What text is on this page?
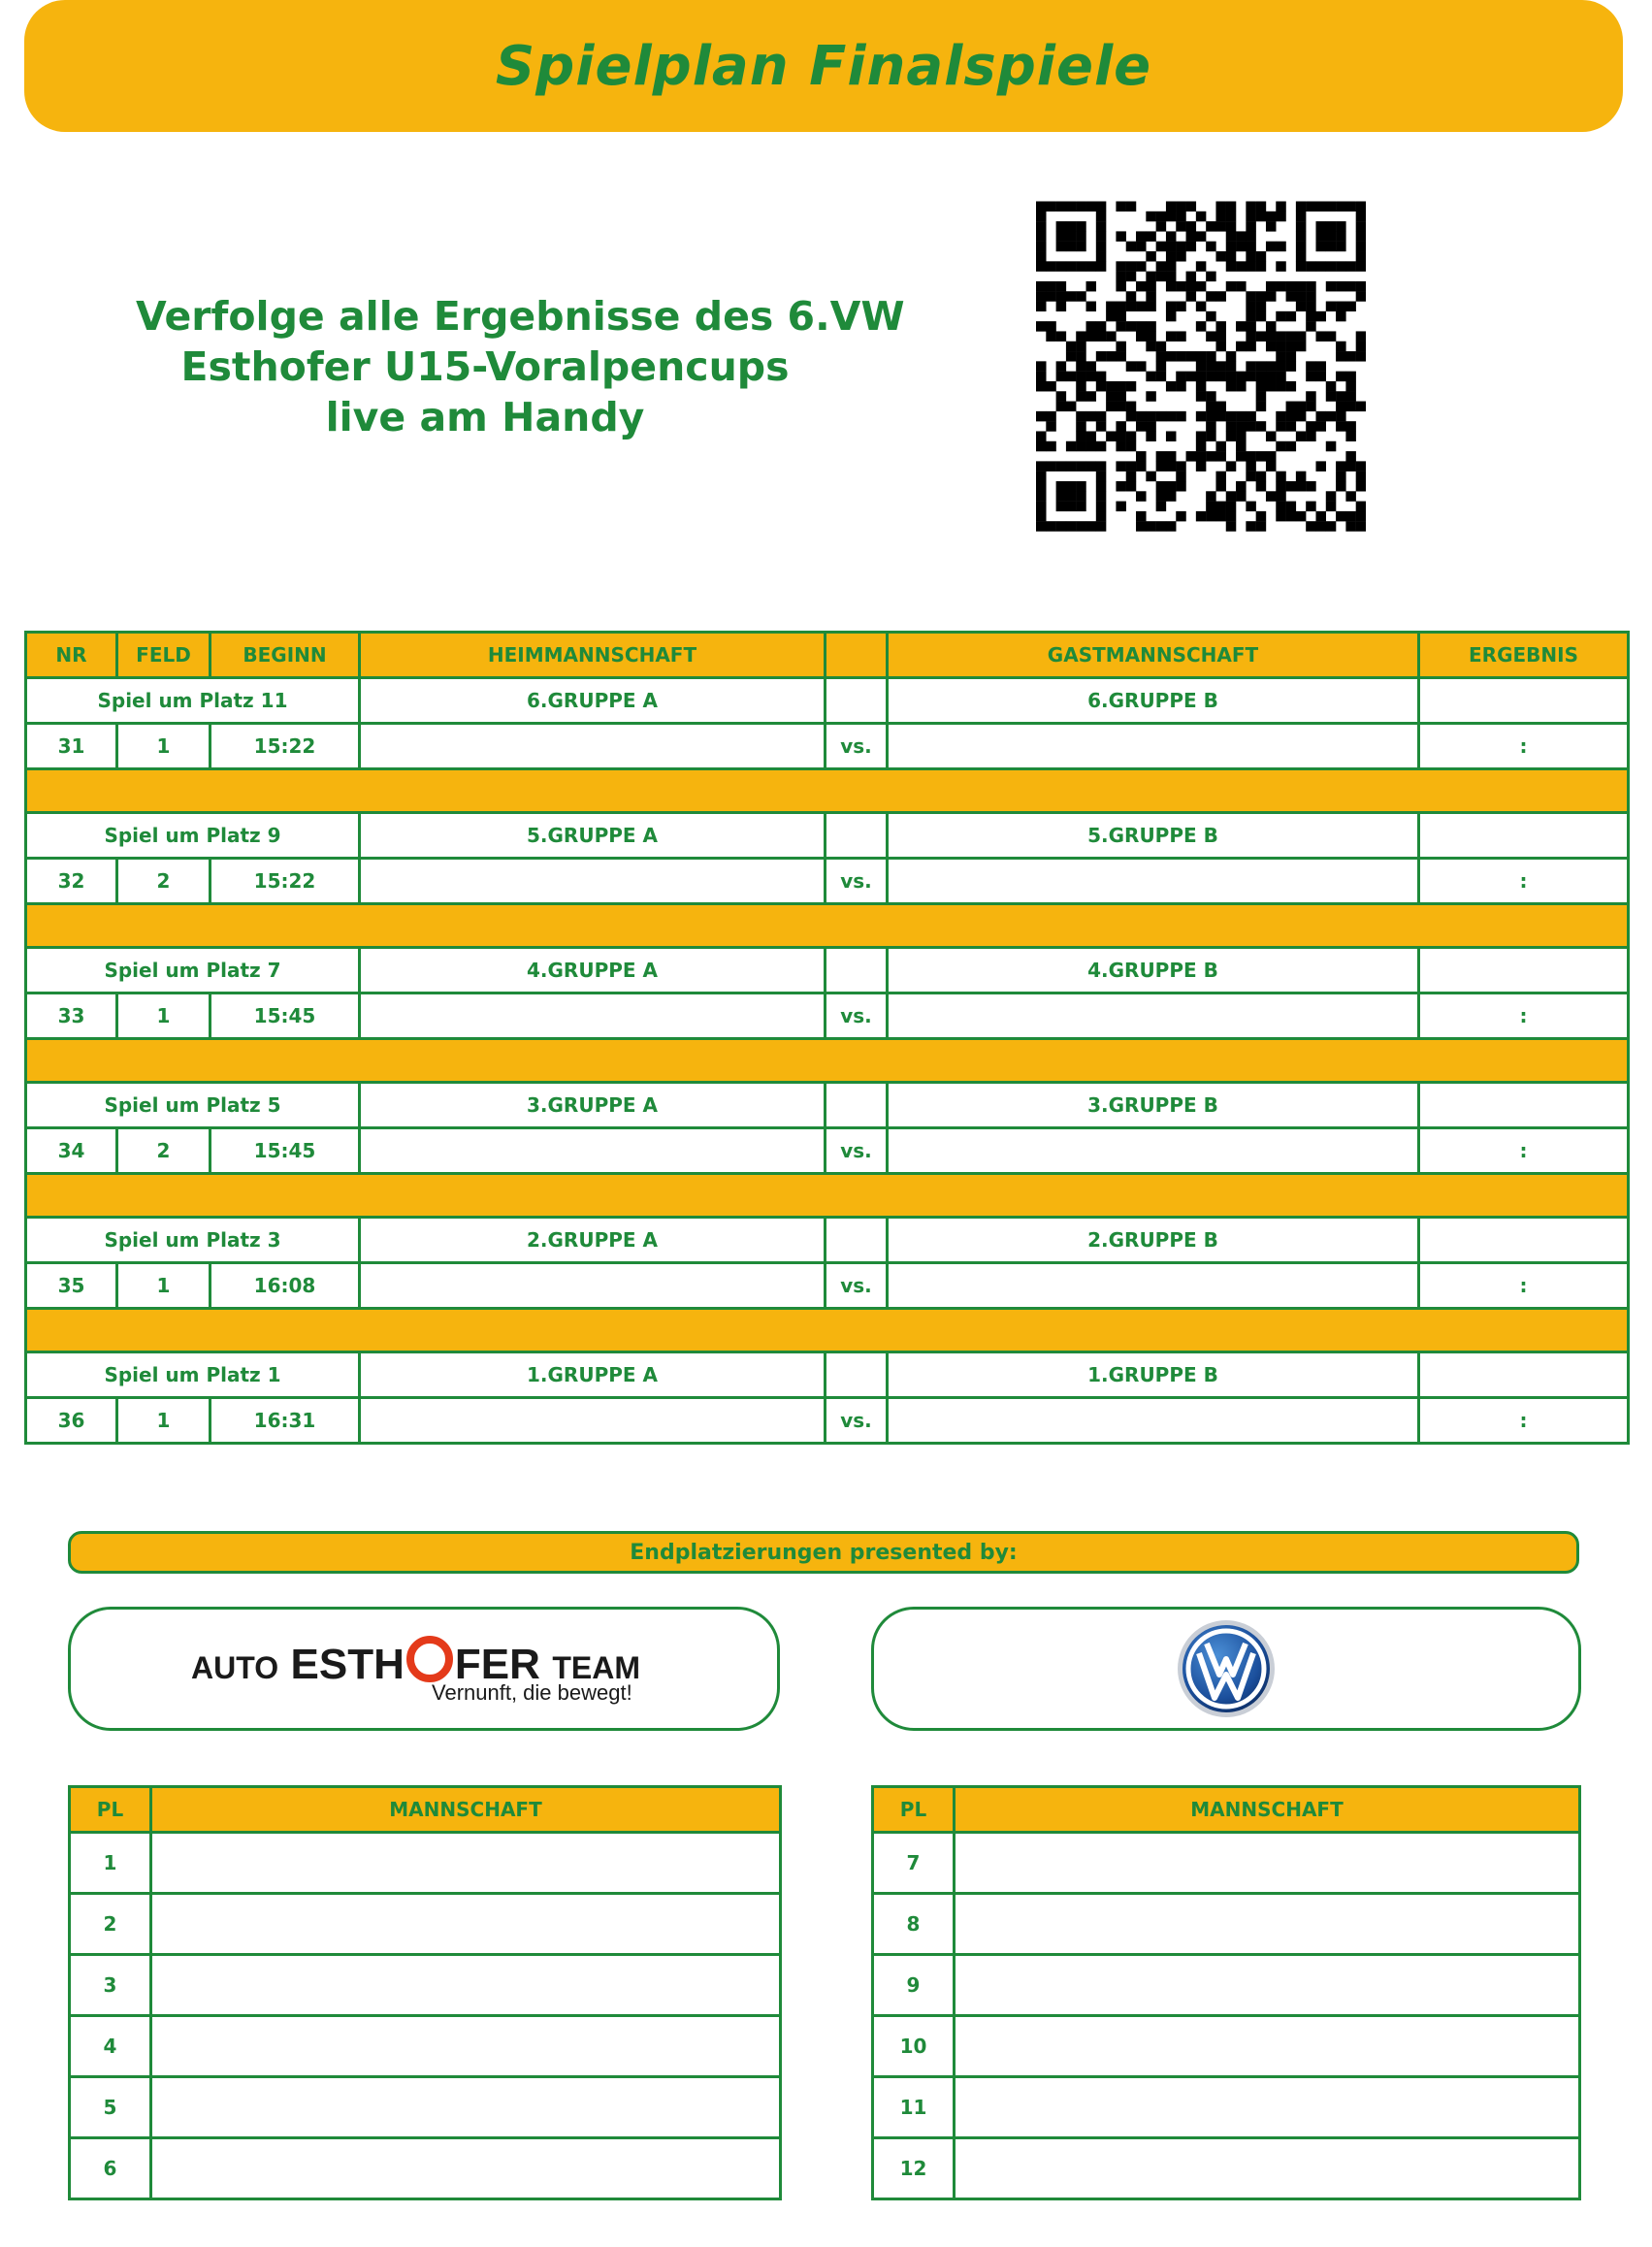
Spielplan Finalspiele
Verfolge alle Ergebnisse des 6.VW
Esthofer U15-Voralpencups
live am Handy
NR	FELD	BEGINN	HEIMMANNSCHAFT		GASTMANNSCHAFT	ERGEBNIS
Spiel um Platz 11			6.GRUPPE A		6.GRUPPE B	
31	1	15:22		vs.		:

Spiel um Platz 9			5.GRUPPE A		5.GRUPPE B	
32	2	15:22		vs.		:

Spiel um Platz 7			4.GRUPPE A		4.GRUPPE B	
33	1	15:45		vs.		:

Spiel um Platz 5			3.GRUPPE A		3.GRUPPE B	
34	2	15:45		vs.		:

Spiel um Platz 3			2.GRUPPE A		2.GRUPPE B	
35	1	16:08		vs.		:

Spiel um Platz 1			1.GRUPPE A		1.GRUPPE B	
36	1	16:31		vs.		:
Endplatzierungen presented by:
AUTO ESTH FER TEAM
Vernunft, die bewegt!
PL	MANNSCHAFT
1	
2	
3	
4	
5	
6	
PL	MANNSCHAFT
7	
8	
9	
10	
11	
12	
